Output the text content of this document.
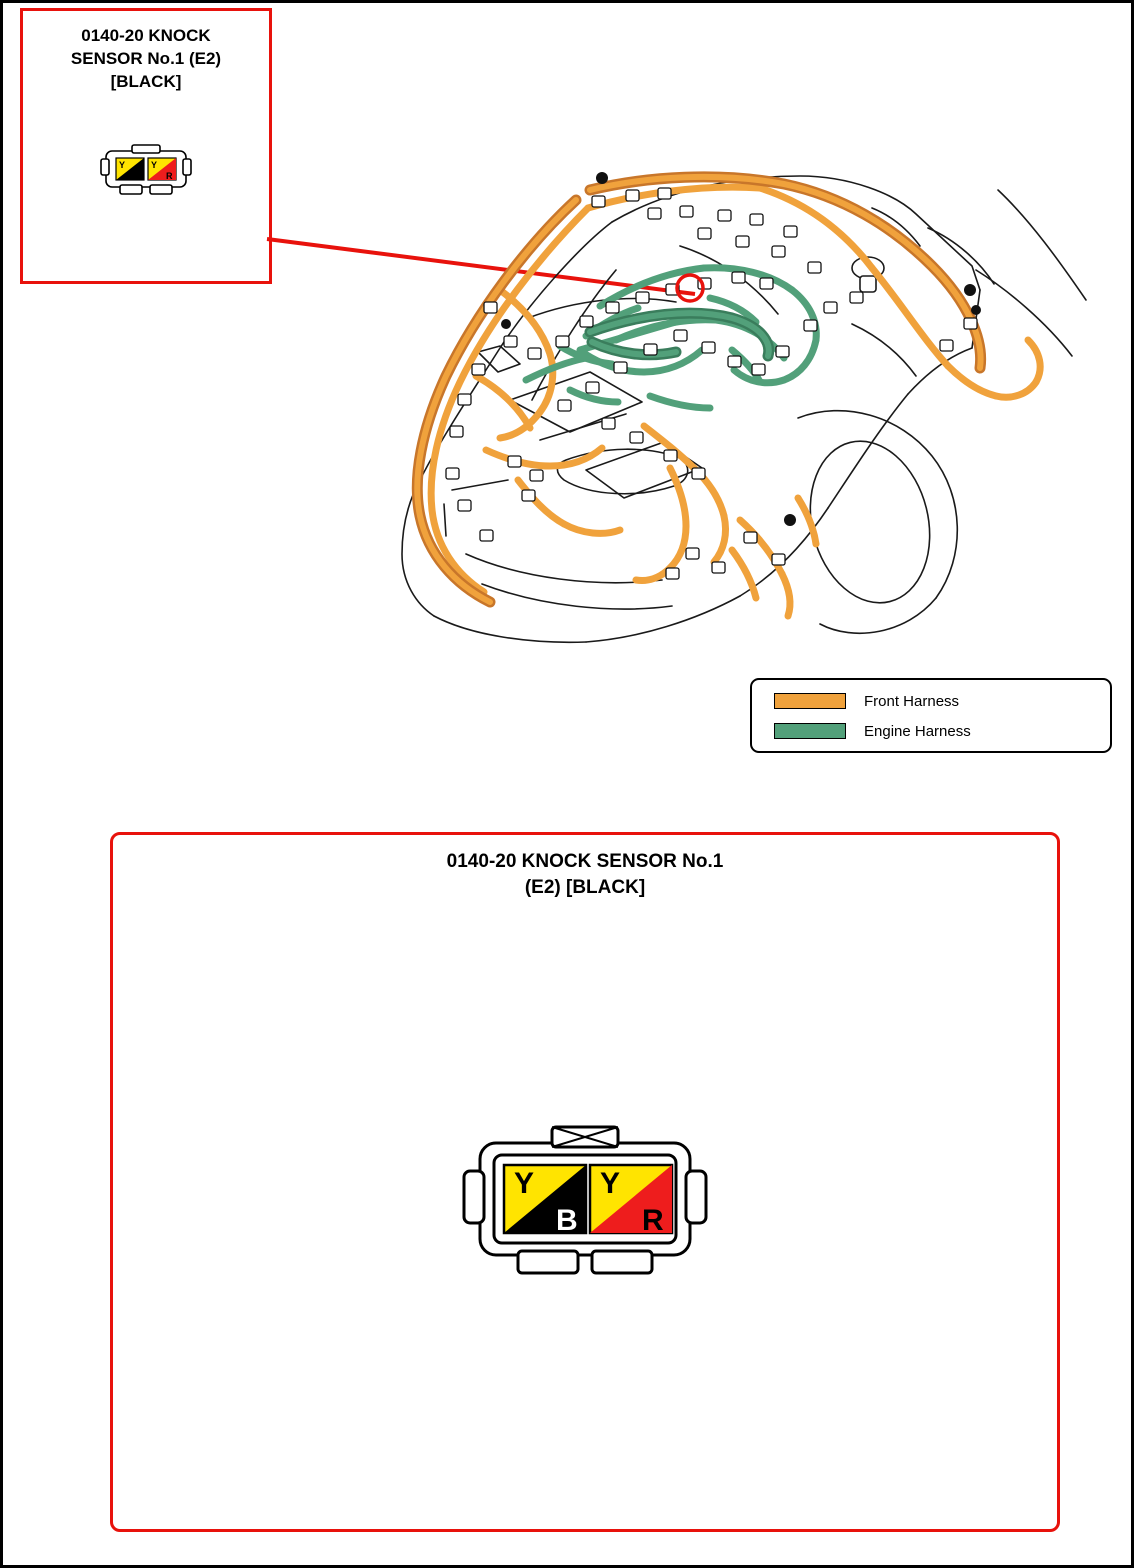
0140-20 KNOCK
SENSOR No.1 (E2)
[BLACK]
Y
B
Y
R
Front Harness
Engine Harness
0140-20 KNOCK SENSOR No.1
(E2) [BLACK]
Y
B
Y
R
